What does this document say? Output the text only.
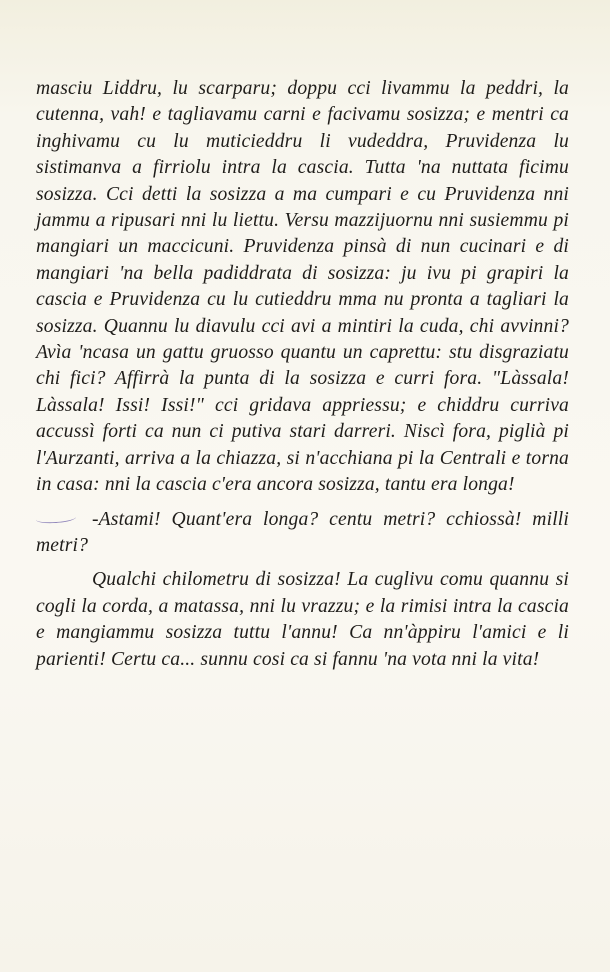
masciu Liddru, lu scarparu; doppu cci livammu la peddri, la cutenna, vah! e tagliavamu carni e facivamu sosizza; e mentri ca inghivamu cu lu muticieddru li vudeddra, Pruvidenza lu sistimanva a firriolu intra la cascia. Tutta 'na nuttata ficimu sosizza. Cci detti la sosizza a ma cumpari e cu Pruvidenza nni jammu a ripusari nni lu liettu. Versu mazzijuornu nni susiemmu pi mangiari un maccicuni. Pruvidenza pinsà di nun cucinari e di mangiari 'na bella padiddrata di sosizza: ju ivu pi grapiri la cascia e Pruvidenza cu lu cutieddru mma nu pronta a tagliari la sosizza. Quannu lu diavulu cci avi a mintiri la cuda, chi avvinni? Avìa 'ncasa un gattu gruosso quantu un caprettu: stu disgraziatu chi fici? Affirrà la punta di la sosizza e curri fora. "Làssala! Làssala! Issi! Issi!" cci gridava appriessu; e chiddru curriva accussì forti ca nun ci putiva stari darreri. Niscì fora, piglià pi l'Aurzanti, arriva a la chiazza, si n'acchiana pi la Centrali e torna in casa: nni la cascia c'era ancora sosizza, tantu era longa!

-Astami! Quant'era longa? centu metri? cchiossà! milli metri?

Qualchi chilometru di sosizza! La cuglivu comu quannu si cogli la corda, a matassa, nni lu vrazzu; e la rimisi intra la cascia e mangiammu sosizza tuttu l'annu! Ca nn'àppiru l'amici e li parienti! Certu ca... sunnu cosi ca si fannu 'na vota nni la vita!
